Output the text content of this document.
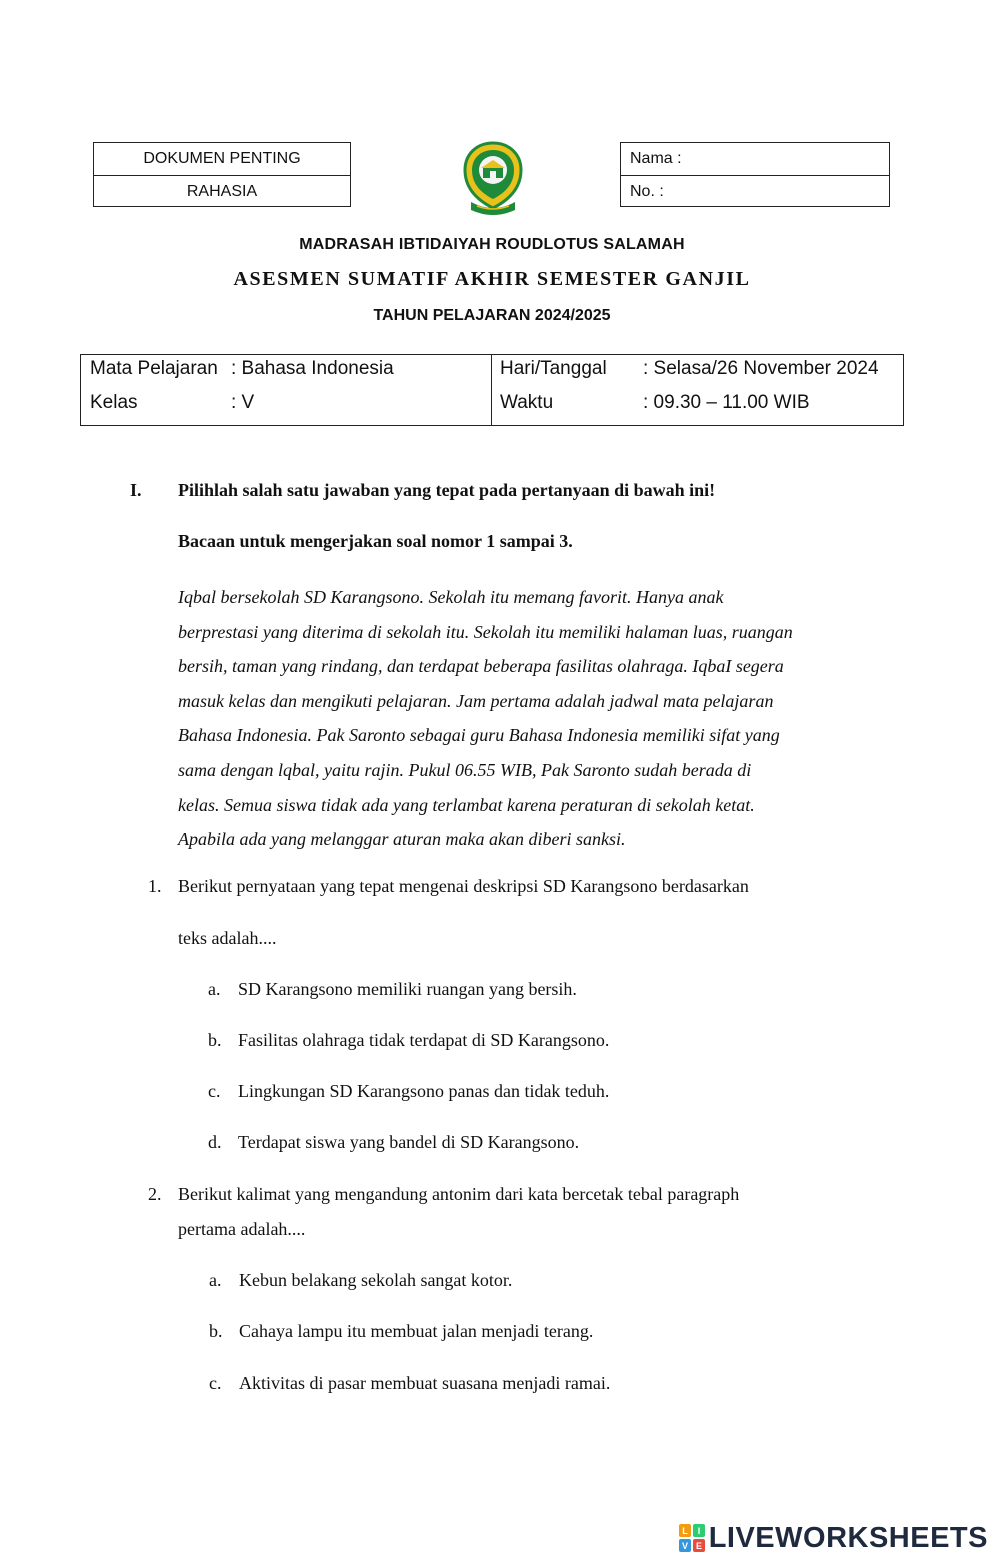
DOKUMEN PENTING
RAHASIA
Nama :
No. :
MADRASAH IBTIDAIYAH ROUDLOTUS SALAMAH
ASESMEN SUMATIF AKHIR SEMESTER GANJIL
TAHUN PELAJARAN 2024/2025
Mata Pelajaran : Bahasa Indonesia
Kelas	: V
Hari/Tanggal : Selasa/26 November 2024
Waktu	: 09.30 – 11.00 WIB
I. Pilihlah salah satu jawaban yang tepat pada pertanyaan di bawah ini!
Bacaan untuk mengerjakan soal nomor 1 sampai 3.
Iqbal bersekolah SD Karangsono. Sekolah itu memang favorit. Hanya anak
berprestasi yang diterima di sekolah itu. Sekolah itu memiliki halaman luas, ruangan
bersih, taman yang rindang, dan terdapat beberapa fasilitas olahraga. IqbaI segera
masuk kelas dan mengikuti pelajaran. Jam pertama adalah jadwal mata pelajaran
Bahasa Indonesia. Pak Saronto sebagai guru Bahasa Indonesia memiliki sifat yang
sama dengan lqbal, yaitu rajin. Pukul 06.55 WIB, Pak Saronto sudah berada di
kelas. Semua siswa tidak ada yang terlambat karena peraturan di sekolah ketat.
Apabila ada yang melanggar aturan maka akan diberi sanksi.
1. Berikut pernyataan yang tepat mengenai deskripsi SD Karangsono berdasarkan
teks adalah....
a. SD Karangsono memiliki ruangan yang bersih.
b. Fasilitas olahraga tidak terdapat di SD Karangsono.
c. Lingkungan SD Karangsono panas dan tidak teduh.
d. Terdapat siswa yang bandel di SD Karangsono.
2. Berikut kalimat yang mengandung antonim dari kata bercetak tebal paragraph
pertama adalah....
a. Kebun belakang sekolah sangat kotor.
b. Cahaya lampu itu membuat jalan menjadi terang.
c. Aktivitas di pasar membuat suasana menjadi ramai.
L I
V E LIVEWORKSHEETS
